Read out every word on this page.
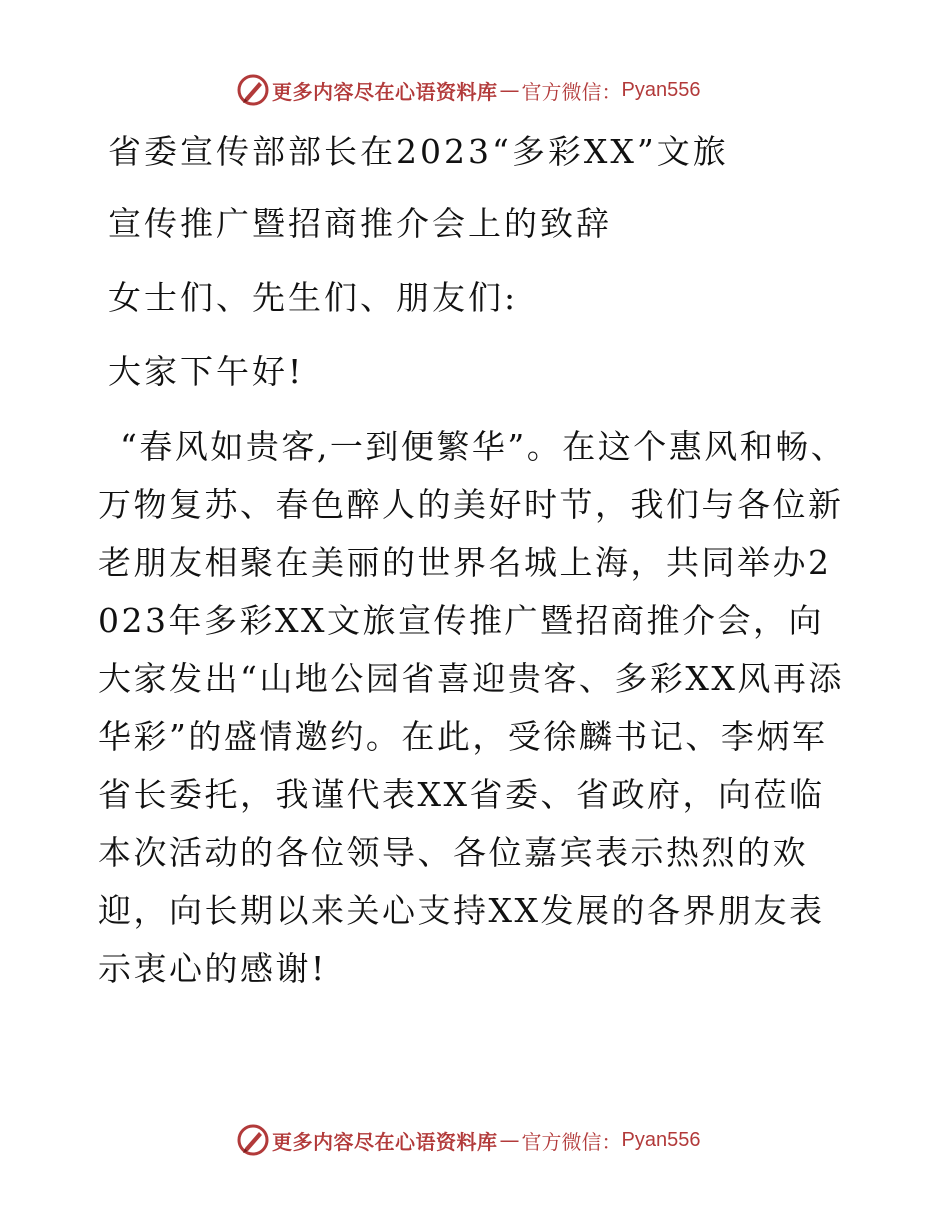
更多内容尽在心语资料库 — 官方微信： Pyan556
省委宣传部部长在2023“多彩XX”文旅
宣传推广暨招商推介会上的致辞
女士们、先生们、朋友们:
大家下午好!
“春风如贵客,一到便繁华”。在这个惠风和畅、万物复苏、春色醉人的美好时节，我们与各位新老朋友相聚在美丽的世界名城上海，共同举办2023年多彩XX文旅宣传推广暨招商推介会，向大家发出“山地公园省喜迎贵客、多彩XX风再添华彩”的盛情邀约。在此，受徐麟书记、李炳军省长委托，我谨代表XX省委、省政府，向莅临本次活动的各位领导、各位嘉宾表示热烈的欢迎，向长期以来关心支持XX发展的各界朋友表示衷心的感谢!
更多内容尽在心语资料库 — 官方微信： Pyan556
